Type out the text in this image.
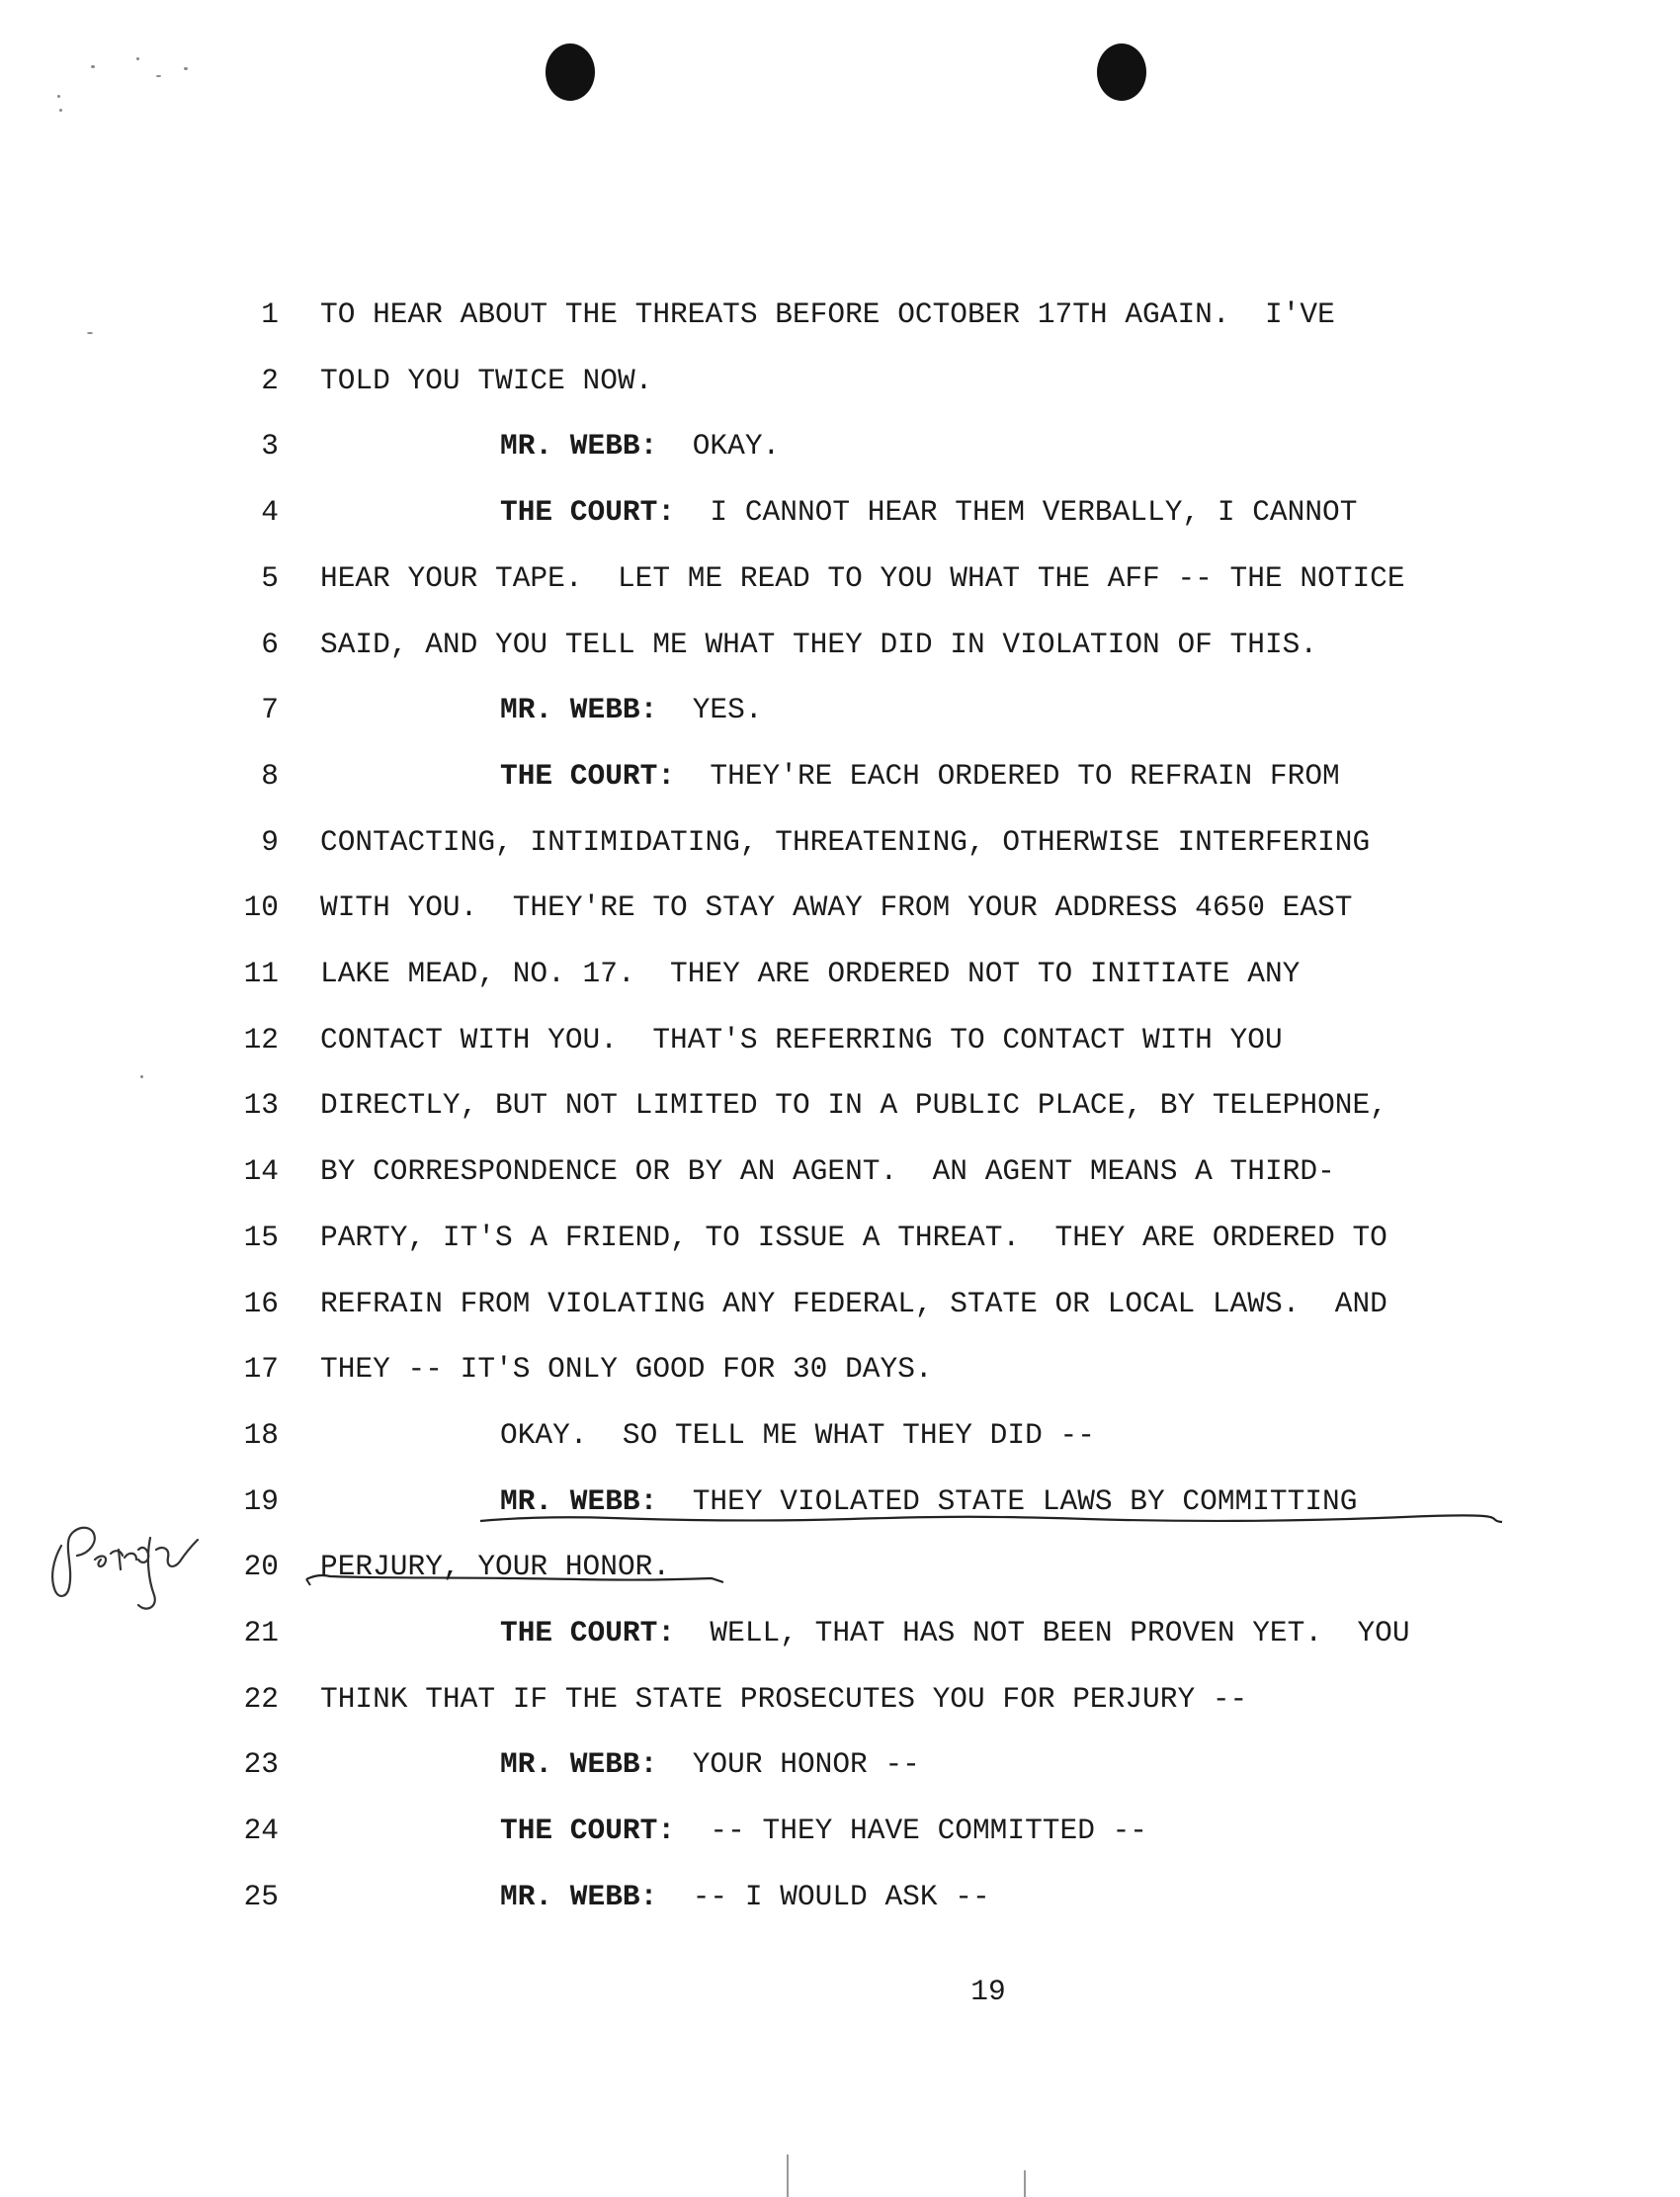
1 TO HEAR ABOUT THE THREATS BEFORE OCTOBER 17TH AGAIN.  I'VE
2 TOLD YOU TWICE NOW.
3	MR. WEBB:  OKAY.
4	THE COURT:  I CANNOT HEAR THEM VERBALLY, I CANNOT
5 HEAR YOUR TAPE.  LET ME READ TO YOU WHAT THE AFF -- THE NOTICE
6 SAID, AND YOU TELL ME WHAT THEY DID IN VIOLATION OF THIS.
7	MR. WEBB:  YES.
8	THE COURT:  THEY'RE EACH ORDERED TO REFRAIN FROM
9 CONTACTING, INTIMIDATING, THREATENING, OTHERWISE INTERFERING
10 WITH YOU.  THEY'RE TO STAY AWAY FROM YOUR ADDRESS 4650 EAST
11 LAKE MEAD, NO. 17.  THEY ARE ORDERED NOT TO INITIATE ANY
12 CONTACT WITH YOU.  THAT'S REFERRING TO CONTACT WITH YOU
13 DIRECTLY, BUT NOT LIMITED TO IN A PUBLIC PLACE, BY TELEPHONE,
14 BY CORRESPONDENCE OR BY AN AGENT.  AN AGENT MEANS A THIRD-
15 PARTY, IT'S A FRIEND, TO ISSUE A THREAT.  THEY ARE ORDERED TO
16 REFRAIN FROM VIOLATING ANY FEDERAL, STATE OR LOCAL LAWS.  AND
17 THEY -- IT'S ONLY GOOD FOR 30 DAYS.
18	OKAY.  SO TELL ME WHAT THEY DID --
19	MR. WEBB:  THEY VIOLATED STATE LAWS BY COMMITTING
20 PERJURY, YOUR HONOR.
21	THE COURT:  WELL, THAT HAS NOT BEEN PROVEN YET.  YOU
22 THINK THAT IF THE STATE PROSECUTES YOU FOR PERJURY --
23	MR. WEBB:  YOUR HONOR --
24	THE COURT:  -- THEY HAVE COMMITTED --
25	MR. WEBB:  -- I WOULD ASK --
19
